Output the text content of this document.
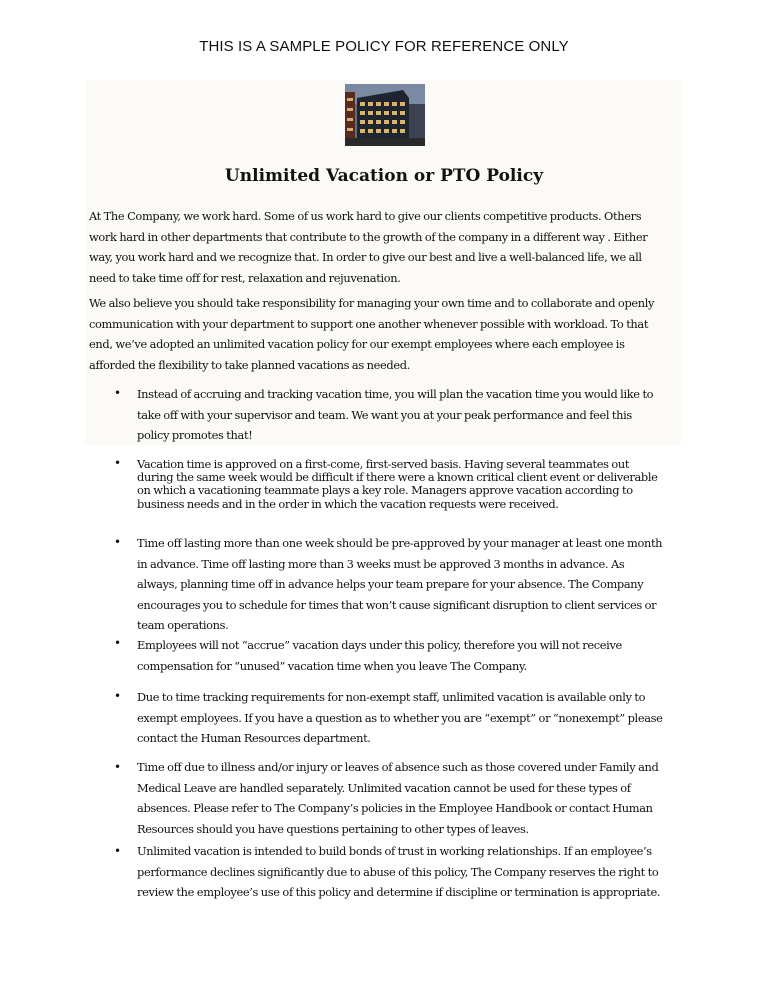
THIS IS A SAMPLE POLICY FOR REFERENCE ONLY
Unlimited Vacation or PTO Policy
At The Company, we work hard. Some of us work hard to give our clients competitive products. Others
work hard in other departments that contribute to the growth of the company in a different way . Either
way, you work hard and we recognize that. In order to give our best and live a well-balanced life, we all
need to take time off for rest, relaxation and rejuvenation.
We also believe you should take responsibility for managing your own time and to collaborate and openly
communication with your department to support one another whenever possible with workload. To that
end, we’ve adopted an unlimited vacation policy for our exempt employees where each employee is
afforded the flexibility to take planned vacations as needed.
• Instead of accruing and tracking vacation time, you will plan the vacation time you would like to
take off with your supervisor and team. We want you at your peak performance and feel this
policy promotes that!
• Vacation time is approved on a first-come, first-served basis. Having several teammates out
during the same week would be difficult if there were a known critical client event or deliverable
on which a vacationing teammate plays a key role. Managers approve vacation according to
business needs and in the order in which the vacation requests were received.
• Time off lasting more than one week should be pre-approved by your manager at least one month
in advance. Time off lasting more than 3 weeks must be approved 3 months in advance. As
always, planning time off in advance helps your team prepare for your absence. The Company
encourages you to schedule for times that won’t cause significant disruption to client services or
team operations.
• Employees will not “accrue” vacation days under this policy, therefore you will not receive
compensation for “unused” vacation time when you leave The Company.
• Due to time tracking requirements for non-exempt staff, unlimited vacation is available only to
exempt employees. If you have a question as to whether you are “exempt” or “nonexempt” please
contact the Human Resources department.
• Time off due to illness and/or injury or leaves of absence such as those covered under Family and
Medical Leave are handled separately. Unlimited vacation cannot be used for these types of
absences. Please refer to The Company’s policies in the Employee Handbook or contact Human
Resources should you have questions pertaining to other types of leaves.
• Unlimited vacation is intended to build bonds of trust in working relationships. If an employee’s
performance declines significantly due to abuse of this policy, The Company reserves the right to
review the employee’s use of this policy and determine if discipline or termination is appropriate.
